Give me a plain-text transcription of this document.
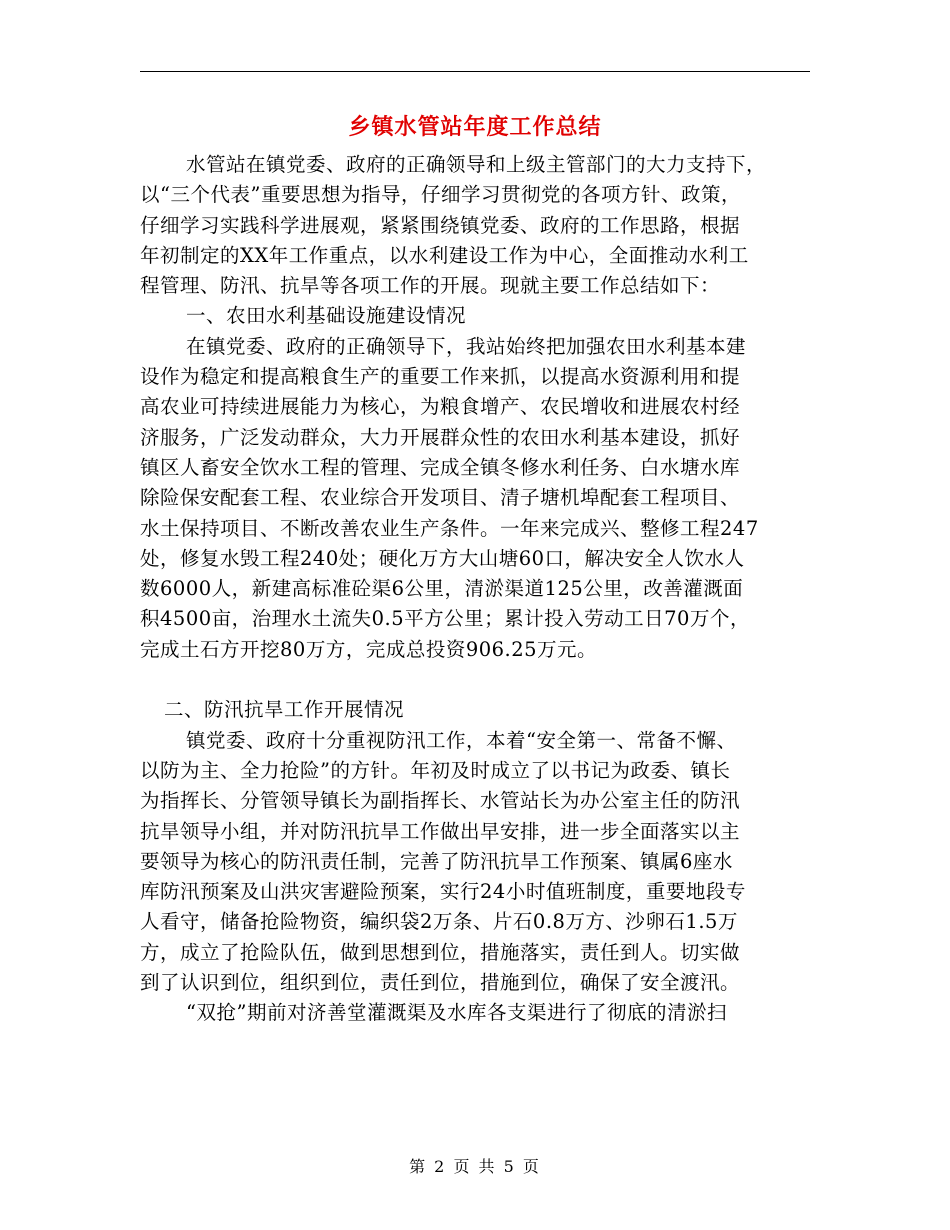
乡镇水管站年度工作总结
水管站在镇党委、政府的正确领导和上级主管部门的大力支持下，
以“三个代表”重要思想为指导，仔细学习贯彻党的各项方针、政策，
仔细学习实践科学进展观，紧紧围绕镇党委、政府的工作思路，根据
年初制定的XX年工作重点，以水利建设工作为中心，全面推动水利工
程管理、防汛、抗旱等各项工作的开展。现就主要工作总结如下：
一、农田水利基础设施建设情况
在镇党委、政府的正确领导下，我站始终把加强农田水利基本建
设作为稳定和提高粮食生产的重要工作来抓，以提高水资源利用和提
高农业可持续进展能力为核心，为粮食增产、农民增收和进展农村经
济服务，广泛发动群众，大力开展群众性的农田水利基本建设，抓好
镇区人畜安全饮水工程的管理、完成全镇冬修水利任务、白水塘水库
除险保安配套工程、农业综合开发项目、清子塘机埠配套工程项目、
水土保持项目、不断改善农业生产条件。一年来完成兴、整修工程247
处，修复水毁工程240处；硬化万方大山塘60口，解决安全人饮水人
数6000人，新建高标准砼渠6公里，清淤渠道125公里，改善灌溉面
积4500亩，治理水土流失0.5平方公里；累计投入劳动工日70万个，
完成土石方开挖80万方，完成总投资906.25万元。
二、防汛抗旱工作开展情况
镇党委、政府十分重视防汛工作，本着“安全第一、常备不懈、
以防为主、全力抢险”的方针。年初及时成立了以书记为政委、镇长
为指挥长、分管领导镇长为副指挥长、水管站长为办公室主任的防汛
抗旱领导小组，并对防汛抗旱工作做出早安排，进一步全面落实以主
要领导为核心的防汛责任制，完善了防汛抗旱工作预案、镇属6座水
库防汛预案及山洪灾害避险预案，实行24小时值班制度，重要地段专
人看守，储备抢险物资，编织袋2万条、片石0.8万方、沙卵石1.5万
方，成立了抢险队伍，做到思想到位，措施落实，责任到人。切实做
到了认识到位，组织到位，责任到位，措施到位，确保了安全渡汛。
“双抢”期前对济善堂灌溉渠及水库各支渠进行了彻底的清淤扫
第 2 页 共 5 页
